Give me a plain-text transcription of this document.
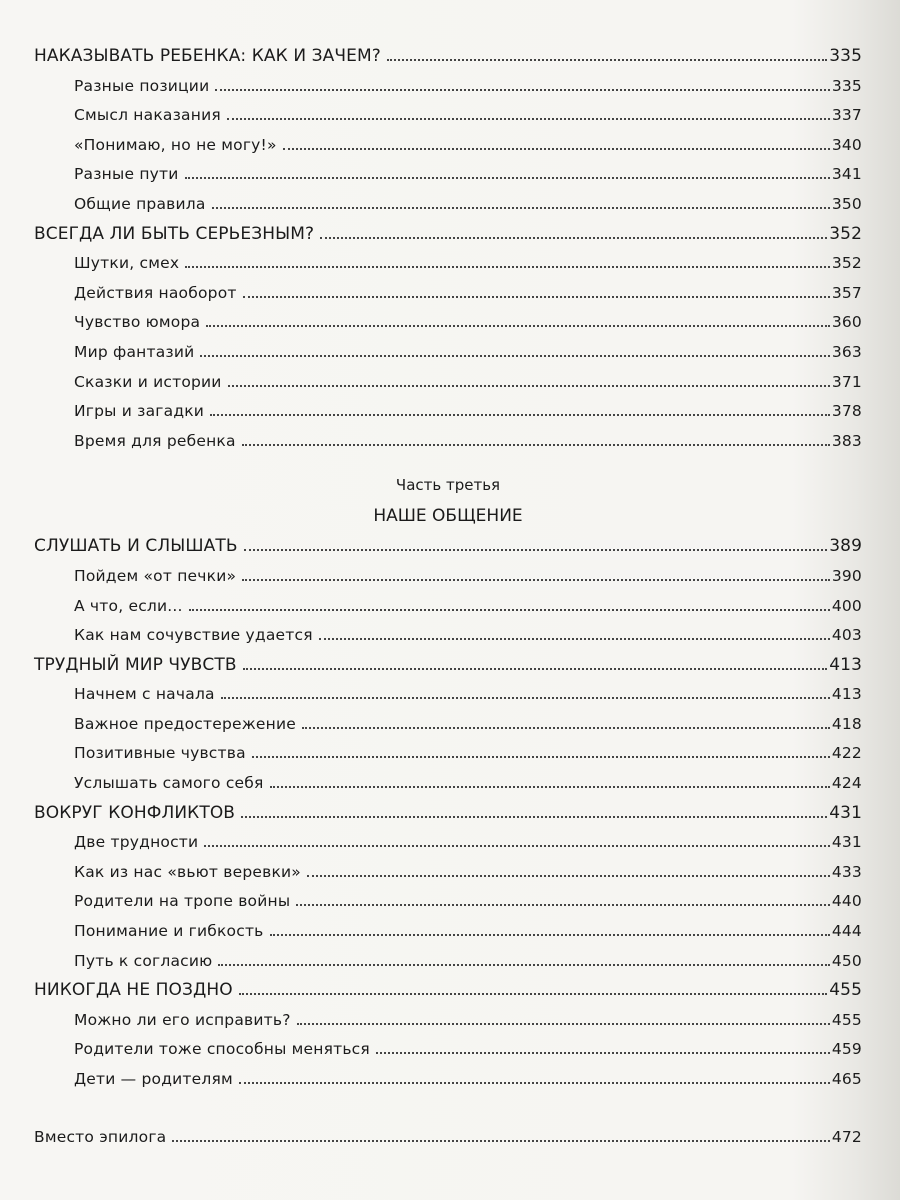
НАКАЗЫВАТЬ РЕБЕНКА: КАК И ЗАЧЕМ?	335
Разные позиции	335
Смысл наказания	337
«Понимаю, но не могу!»	340
Разные пути	341
Общие правила	350
ВСЕГДА ЛИ БЫТЬ СЕРЬЕЗНЫМ?	352
Шутки, смех	352
Действия наоборот	357
Чувство юмора	360
Мир фантазий	363
Сказки и истории	371
Игры и загадки	378
Время для ребенка	383
Часть третья
НАШЕ ОБЩЕНИЕ
СЛУШАТЬ И СЛЫШАТЬ	389
Пойдем «от печки»	390
А что, если...	400
Как нам сочувствие удается	403
ТРУДНЫЙ МИР ЧУВСТВ	413
Начнем с начала	413
Важное предостережение	418
Позитивные чувства	422
Услышать самого себя	424
ВОКРУГ КОНФЛИКТОВ	431
Две трудности	431
Как из нас «вьют веревки»	433
Родители на тропе войны	440
Понимание и гибкость	444
Путь к согласию	450
НИКОГДА НЕ ПОЗДНО	455
Можно ли его исправить?	455
Родители тоже способны меняться	459
Дети — родителям	465
Вместо эпилога	472
